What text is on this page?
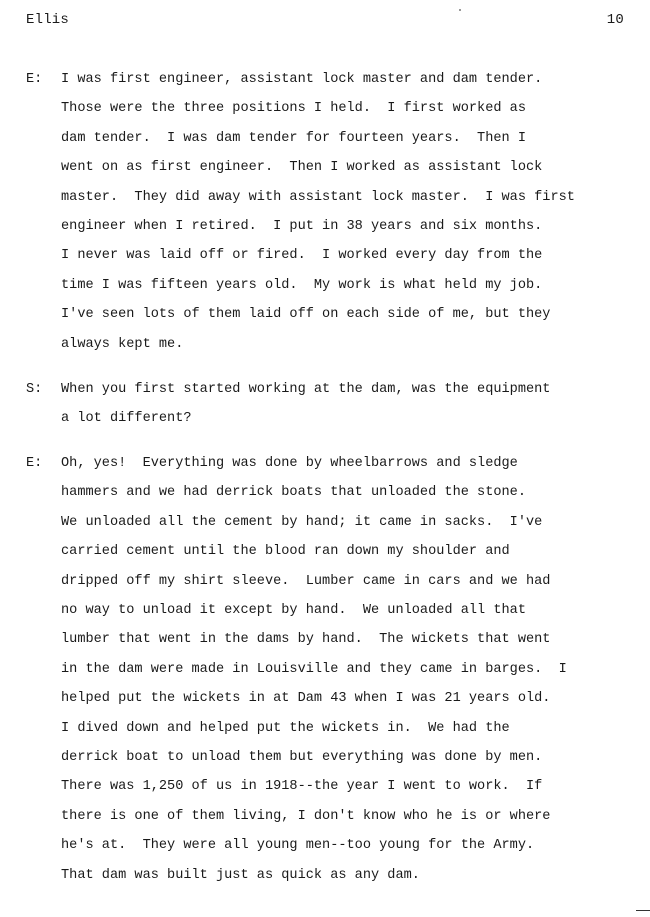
Ellis	10
E: I was first engineer, assistant lock master and dam tender.
Those were the three positions I held.  I first worked as
dam tender.  I was dam tender for fourteen years.  Then I
went on as first engineer.  Then I worked as assistant lock
master.  They did away with assistant lock master.  I was first
engineer when I retired.  I put in 38 years and six months.
I never was laid off or fired.  I worked every day from the
time I was fifteen years old.  My work is what held my job.
I've seen lots of them laid off on each side of me, but they
always kept me.
S: When you first started working at the dam, was the equipment
a lot different?
E: Oh, yes!  Everything was done by wheelbarrows and sledge
hammers and we had derrick boats that unloaded the stone.
We unloaded all the cement by hand; it came in sacks.  I've
carried cement until the blood ran down my shoulder and
dripped off my shirt sleeve.  Lumber came in cars and we had
no way to unload it except by hand.  We unloaded all that
lumber that went in the dams by hand.  The wickets that went
in the dam were made in Louisville and they came in barges.  I
helped put the wickets in at Dam 43 when I was 21 years old.
I dived down and helped put the wickets in.  We had the
derrick boat to unload them but everything was done by men.
There was 1,250 of us in 1918--the year I went to work.  If
there is one of them living, I don't know who he is or where
he's at.  They were all young men--too young for the Army.
That dam was built just as quick as any dam.
